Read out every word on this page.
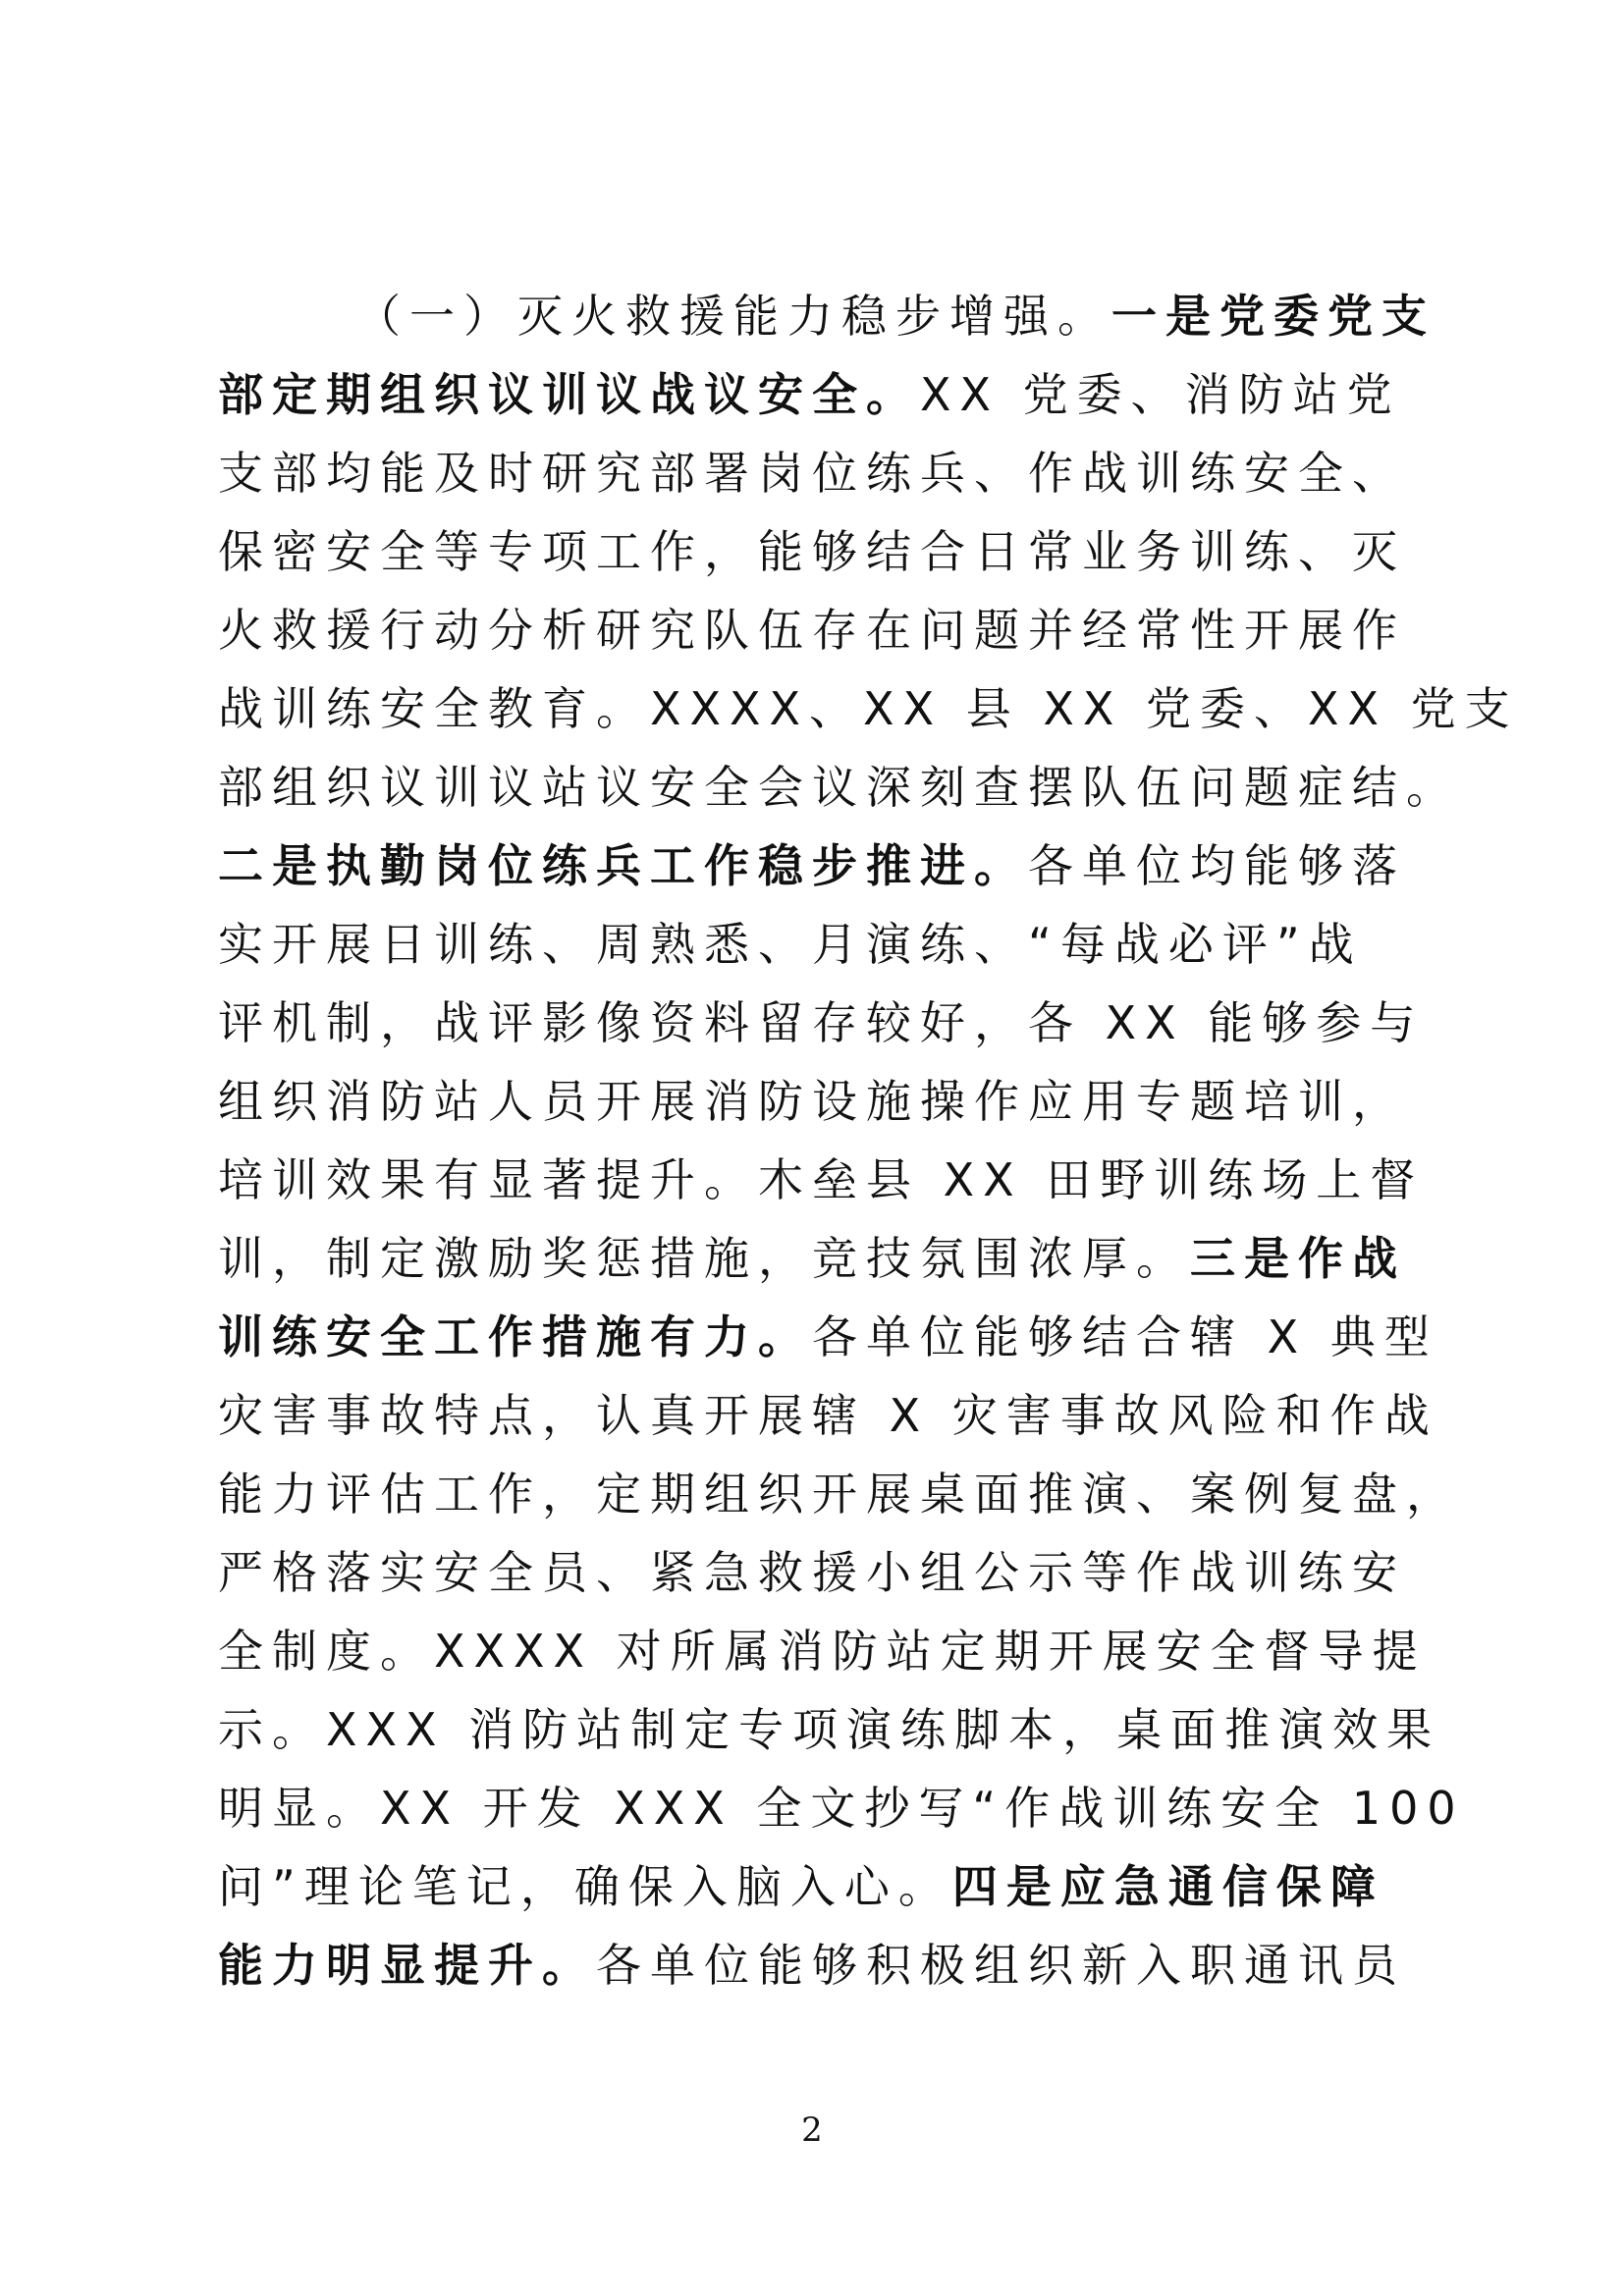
（一）灭火救援能力稳步增强。一是党委党支
部定期组织议训议战议安全。XX 党委、消防站党
支部均能及时研究部署岗位练兵、作战训练安全、
保密安全等专项工作，能够结合日常业务训练、灭
火救援行动分析研究队伍存在问题并经常性开展作
战训练安全教育。XXXX、XX 县 XX 党委、XX 党支
部组织议训议站议安全会议深刻查摆队伍问题症结。
二是执勤岗位练兵工作稳步推进。各单位均能够落
实开展日训练、周熟悉、月演练、“每战必评”战
评机制，战评影像资料留存较好，各 XX 能够参与
组织消防站人员开展消防设施操作应用专题培训，
培训效果有显著提升。木垒县 XX 田野训练场上督
训，制定激励奖惩措施，竞技氛围浓厚。三是作战
训练安全工作措施有力。各单位能够结合辖 X 典型
灾害事故特点，认真开展辖 X 灾害事故风险和作战
能力评估工作，定期组织开展桌面推演、案例复盘，
严格落实安全员、紧急救援小组公示等作战训练安
全制度。XXXX 对所属消防站定期开展安全督导提
示。XXX 消防站制定专项演练脚本，桌面推演效果
明显。XX 开发 XXX 全文抄写“作战训练安全 100
问”理论笔记，确保入脑入心。四是应急通信保障
能力明显提升。各单位能够积极组织新入职通讯员
2
